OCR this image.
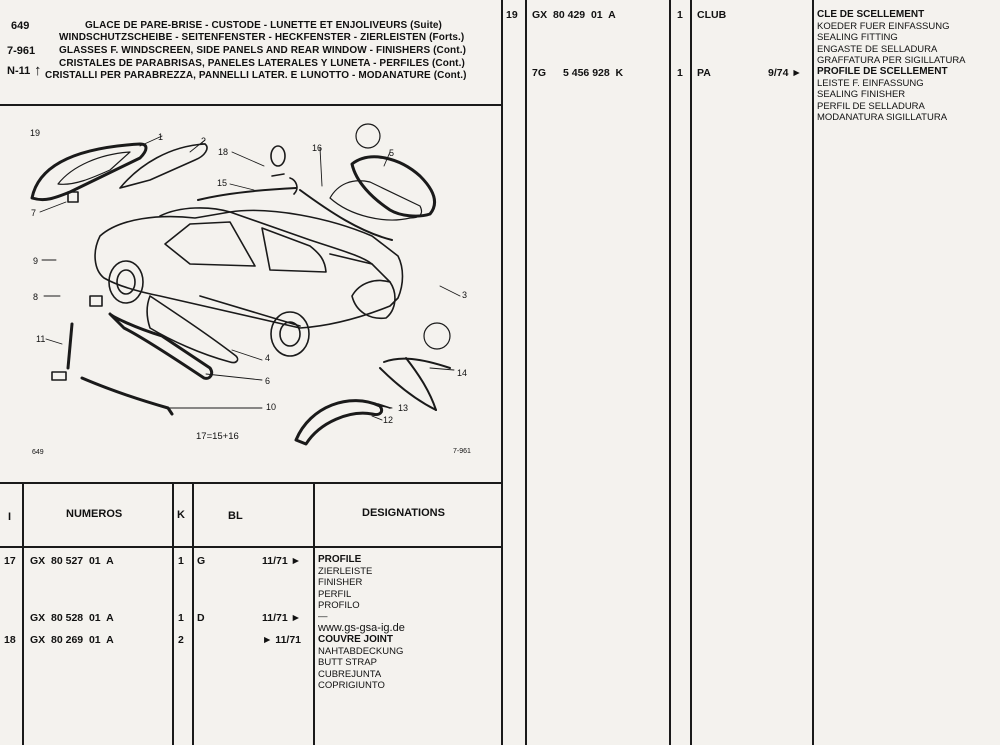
649
7-961
N-11 ↑
GLACE DE PARE-BRISE - CUSTODE - LUNETTE ET ENJOLIVEURS (Suite)
WINDSCHUTZSCHEIBE - SEITENFENSTER - HECKFENSTER - ZIERLEISTEN (Forts.)
GLASSES F. WINDSCREEN, SIDE PANELS AND REAR WINDOW - FINISHERS (Cont.)
CRISTALES DE PARABRISAS, PANELES LATERALES Y LUNETA - PERFILES (Cont.)
CRISTALLI PER PARABREZZA, PANNELLI LATER. E LUNOTTO - MODANATURE (Cont.)
19	1	2
18	16	5
15
7
9
8	3
11
4
6
10
14
13
12
17=15+16
649	7-961
I	NUMEROS	K	BL	DESIGNATIONS
17 GX  80 527  01  A	1 G	11/71 ► PROFILE
ZIERLEISTE
FINISHER
PERFIL
PROFILO
GX  80 528  01  A	1 D	11/71 ► —
www.gs-gsa-ig.de
18 GX  80 269  01  A	2	► 11/71 COUVRE JOINT
NAHTABDECKUNG
BUTT STRAP
CUBREJUNTA
COPRIGIUNTO
19 GX  80 429  01  A	1 CLUB	CLE DE SCELLEMENT
KOEDER FUER EINFASSUNG
SEALING FITTING
ENGASTE DE SELLADURA
GRAFFATURA PER SIGILLATURA
7G 5 456 928  K	1 PA	9/74 ► PROFILE DE SCELLEMENT
LEISTE F. EINFASSUNG
SEALING FINISHER
PERFIL DE SELLADURA
MODANATURA SIGILLATURA
